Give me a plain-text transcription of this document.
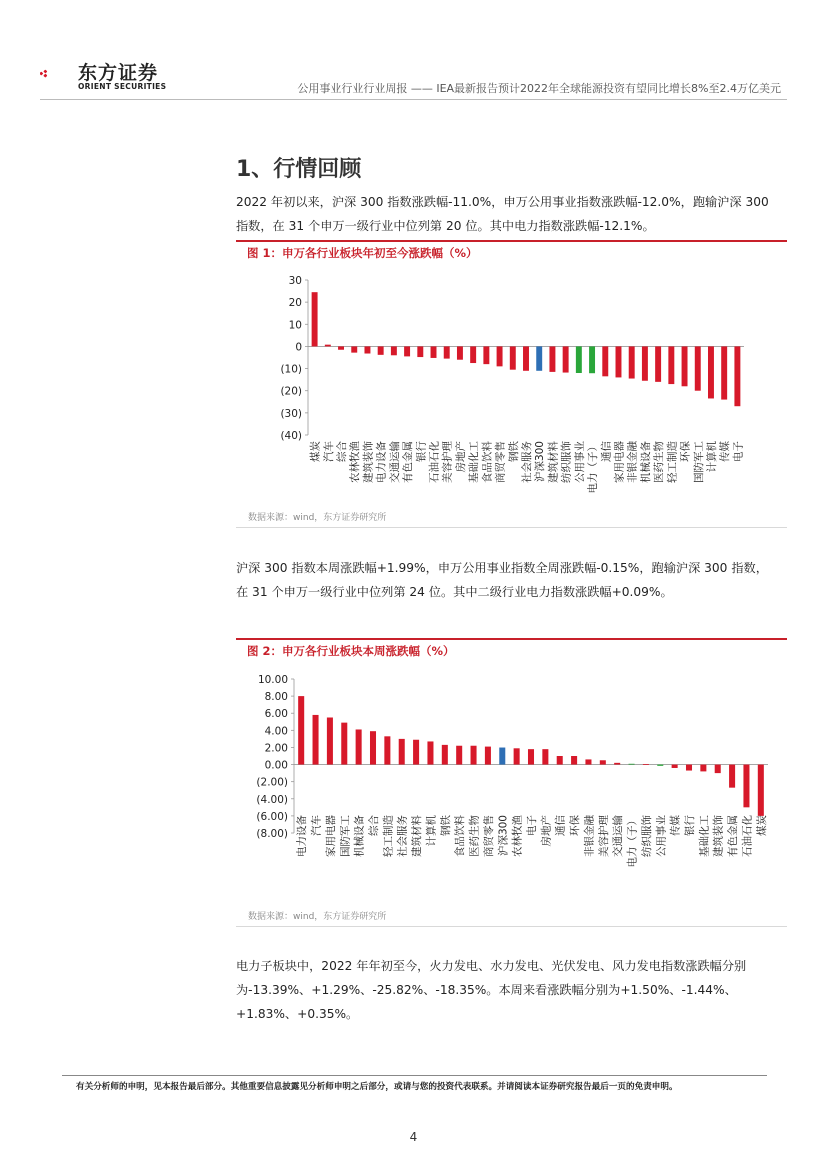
东方证券
ORIENT SECURITIES	公用事业行业行业周报 —— IEA最新报告预计2022年全球能源投资有望同比增长8%至2.4万亿美元
1、行情回顾
2022 年初以来，沪深 300 指数涨跌幅-11.0%，申万公用事业指数涨跌幅-12.0%，跑输沪深 300 指数，在 31 个申万一级行业中位列第 20 位。其中电力指数涨跌幅-12.1%。
图 1：申万各行业板块年初至今涨跌幅（%）
30
20
10
0
(10)
(20)
(30)
(40)
煤炭 汽车 综合 农林牧渔 建筑装饰 电力设备 交通运输 有色金属 银行 石油石化 美容护理 房地产 基础化工 食品饮料 商贸零售 钢铁 社会服务 沪深300 建筑材料 纺织服饰 公用事业 电力（子） 通信 家用电器 非银金融 机械设备 医药生物 轻工制造 环保 国防军工 计算机 传媒 电子
数据来源：wind，东方证券研究所
沪深 300 指数本周涨跌幅+1.99%，申万公用事业指数全周涨跌幅-0.15%，跑输沪深 300 指数，在 31 个申万一级行业中位列第 24 位。其中二级行业电力指数涨跌幅+0.09%。
图 2：申万各行业板块本周涨跌幅（%）
10.00
8.00
6.00
4.00
2.00
0.00
(2.00)
(4.00)
(6.00)
(8.00) 电力设备 汽车 家用电器 国防军工 机械设备 综合 轻工制造 社会服务 建筑材料 计算机 钢铁 食品饮料 医药生物 商贸零售 沪深300 农林牧渔 电子 房地产 通信 环保 非银金融 美容护理 交通运输 电力（子） 纺织服饰 公用事业 传媒 银行 基础化工 建筑装饰 有色金属 石油石化 煤炭
数据来源：wind，东方证券研究所
电力子板块中，2022 年年初至今，火力发电、水力发电、光伏发电、风力发电指数涨跌幅分别为-13.39%、+1.29%、-25.82%、-18.35%。本周来看涨跌幅分别为+1.50%、-1.44%、+1.83%、+0.35%。
有关分析师的申明，见本报告最后部分。其他重要信息披露见分析师申明之后部分，或请与您的投资代表联系。并请阅读本证券研究报告最后一页的免责申明。
4
